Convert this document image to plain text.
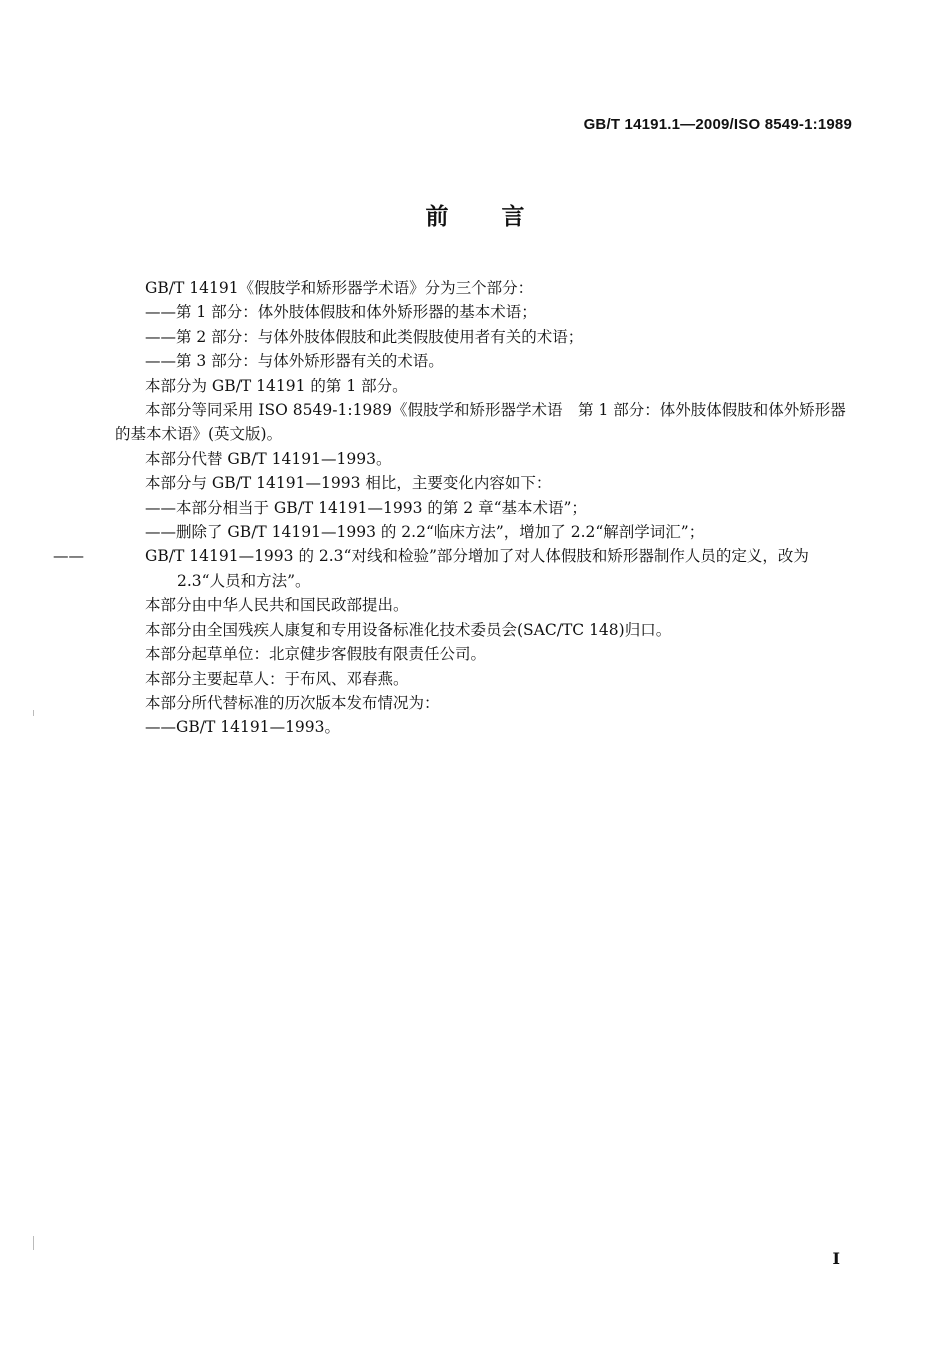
GB/T 14191.1—2009/ISO 8549-1:1989
前 言

GB/T 14191《假肢学和矫形器学术语》分为三个部分：

——第 1 部分：体外肢体假肢和体外矫形器的基本术语；

——第 2 部分：与体外肢体假肢和此类假肢使用者有关的术语；

——第 3 部分：与体外矫形器有关的术语。

本部分为 GB/T 14191 的第 1 部分。

本部分等同采用 ISO 8549-1:1989《假肢学和矫形器学术语　第 1 部分：体外肢体假肢和体外矫形器的基本术语》(英文版)。

本部分代替 GB/T 14191—1993。

本部分与 GB/T 14191—1993 相比，主要变化内容如下：

——本部分相当于 GB/T 14191—1993 的第 2 章“基本术语”；

——删除了 GB/T 14191—1993 的 2.2“临床方法”，增加了 2.2“解剖学词汇”；

——	GB/T 14191—1993 的 2.3“对线和检验”部分增加了对人体假肢和矫形器制作人员的定义，改为 2.3“人员和方法”。

本部分由中华人民共和国民政部提出。

本部分由全国残疾人康复和专用设备标准化技术委员会(SAC/TC 148)归口。

本部分起草单位：北京健步客假肢有限责任公司。

本部分主要起草人：于布风、邓春燕。

本部分所代替标准的历次版本发布情况为：

——GB/T 14191—1993。

I
